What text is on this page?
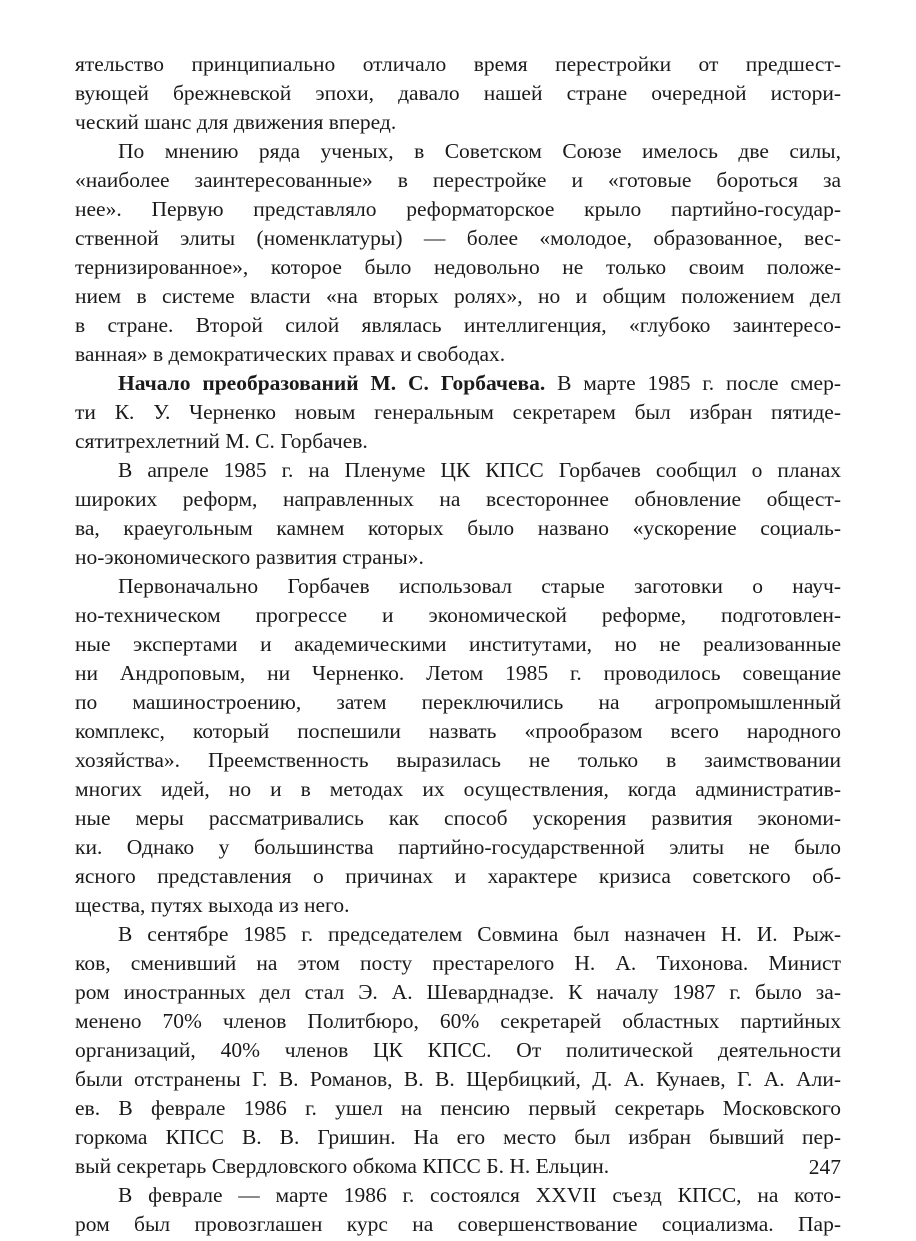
ятельство принципиально отличало время перестройки от предшест-
вующей брежневской эпохи, давало нашей стране очередной истори-
ческий шанс для движения вперед.
По мнению ряда ученых, в Советском Союзе имелось две силы,
«наиболее заинтересованные» в перестройке и «готовые бороться за
нее». Первую представляло реформаторское крыло партийно-государ-
ственной элиты (номенклатуры) — более «молодое, образованное, вес-
тернизированное», которое было недовольно не только своим положе-
нием в системе власти «на вторых ролях», но и общим положением дел
в стране. Второй силой являлась интеллигенция, «глубоко заинтересо-
ванная» в демократических правах и свободах.
Начало преобразований М. С. Горбачева. В марте 1985 г. после смер-
ти К. У. Черненко новым генеральным секретарем был избран пятиде-
сятитрехлетний М. С. Горбачев.
В апреле 1985 г. на Пленуме ЦК КПСС Горбачев сообщил о планах
широких реформ, направленных на всестороннее обновление общест-
ва, краеугольным камнем которых было названо «ускорение социаль-
но-экономического развития страны».
Первоначально Горбачев использовал старые заготовки о науч-
но-техническом прогрессе и экономической реформе, подготовлен-
ные экспертами и академическими институтами, но не реализованные
ни Андроповым, ни Черненко. Летом 1985 г. проводилось совещание
по машиностроению, затем переключились на агропромышленный
комплекс, который поспешили назвать «прообразом всего народного
хозяйства». Преемственность выразилась не только в заимствовании
многих идей, но и в методах их осуществления, когда административ-
ные меры рассматривались как способ ускорения развития экономи-
ки. Однако у большинства партийно-государственной элиты не было
ясного представления о причинах и характере кризиса советского об-
щества, путях выхода из него.
В сентябре 1985 г. председателем Совмина был назначен Н. И. Рыж-
ков, сменивший на этом посту престарелого Н. А. Тихонова. Минист
ром иностранных дел стал Э. А. Шеварднадзе. К началу 1987 г. было за-
менено 70% членов Политбюро, 60% секретарей областных партийных
организаций, 40% членов ЦК КПСС. От политической деятельности
были отстранены Г. В. Романов, В. В. Щербицкий, Д. А. Кунаев, Г. А. Али-
ев. В феврале 1986 г. ушел на пенсию первый секретарь Московского
горкома КПСС В. В. Гришин. На его место был избран бывший пер-
вый секретарь Свердловского обкома КПСС Б. Н. Ельцин.
В феврале — марте 1986 г. состоялся XXVII съезд КПСС, на кото-
ром был провозглашен курс на совершенствование социализма. Пар-
247
